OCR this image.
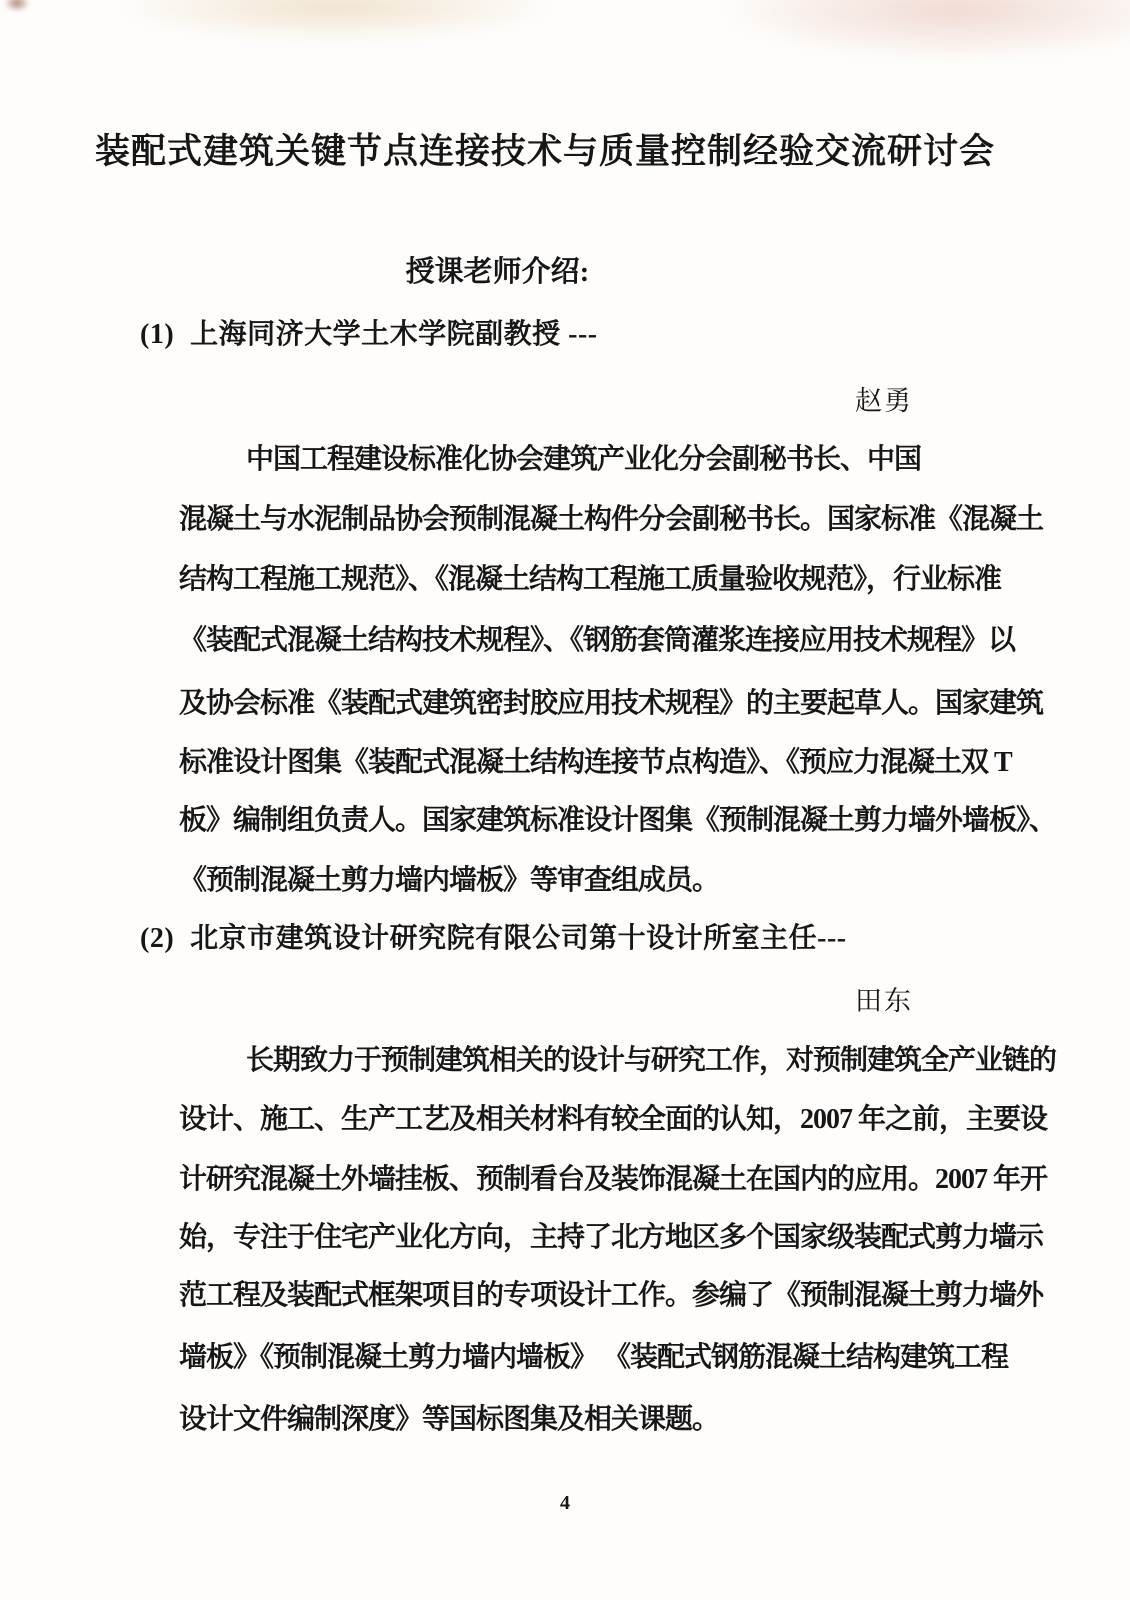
装配式建筑关键节点连接技术与质量控制经验交流研讨会
授课老师介绍:
(1) 上海同济大学土木学院副教授 ---
赵勇
中国工程建设标准化协会建筑产业化分会副秘书长、中国
混凝土与水泥制品协会预制混凝土构件分会副秘书长。国家标准《混凝土
结构工程施工规范》、《混凝土结构工程施工质量验收规范》，行业标准
《装配式混凝土结构技术规程》、《钢筋套筒灌浆连接应用技术规程》以
及协会标准《装配式建筑密封胶应用技术规程》的主要起草人。国家建筑
标准设计图集《装配式混凝土结构连接节点构造》、《预应力混凝土双 T
板》编制组负责人。国家建筑标准设计图集《预制混凝土剪力墙外墙板》、
《预制混凝土剪力墙内墙板》等审查组成员。
(2) 北京市建筑设计研究院有限公司第十设计所室主任---
田东
长期致力于预制建筑相关的设计与研究工作，对预制建筑全产业链的
设计、施工、生产工艺及相关材料有较全面的认知，2007 年之前，主要设
计研究混凝土外墙挂板、预制看台及装饰混凝土在国内的应用。2007 年开
始，专注于住宅产业化方向，主持了北方地区多个国家级装配式剪力墙示
范工程及装配式框架项目的专项设计工作。参编了《预制混凝土剪力墙外
墙板》《预制混凝土剪力墙内墙板》 《装配式钢筋混凝土结构建筑工程
设计文件编制深度》等国标图集及相关课题。
4
